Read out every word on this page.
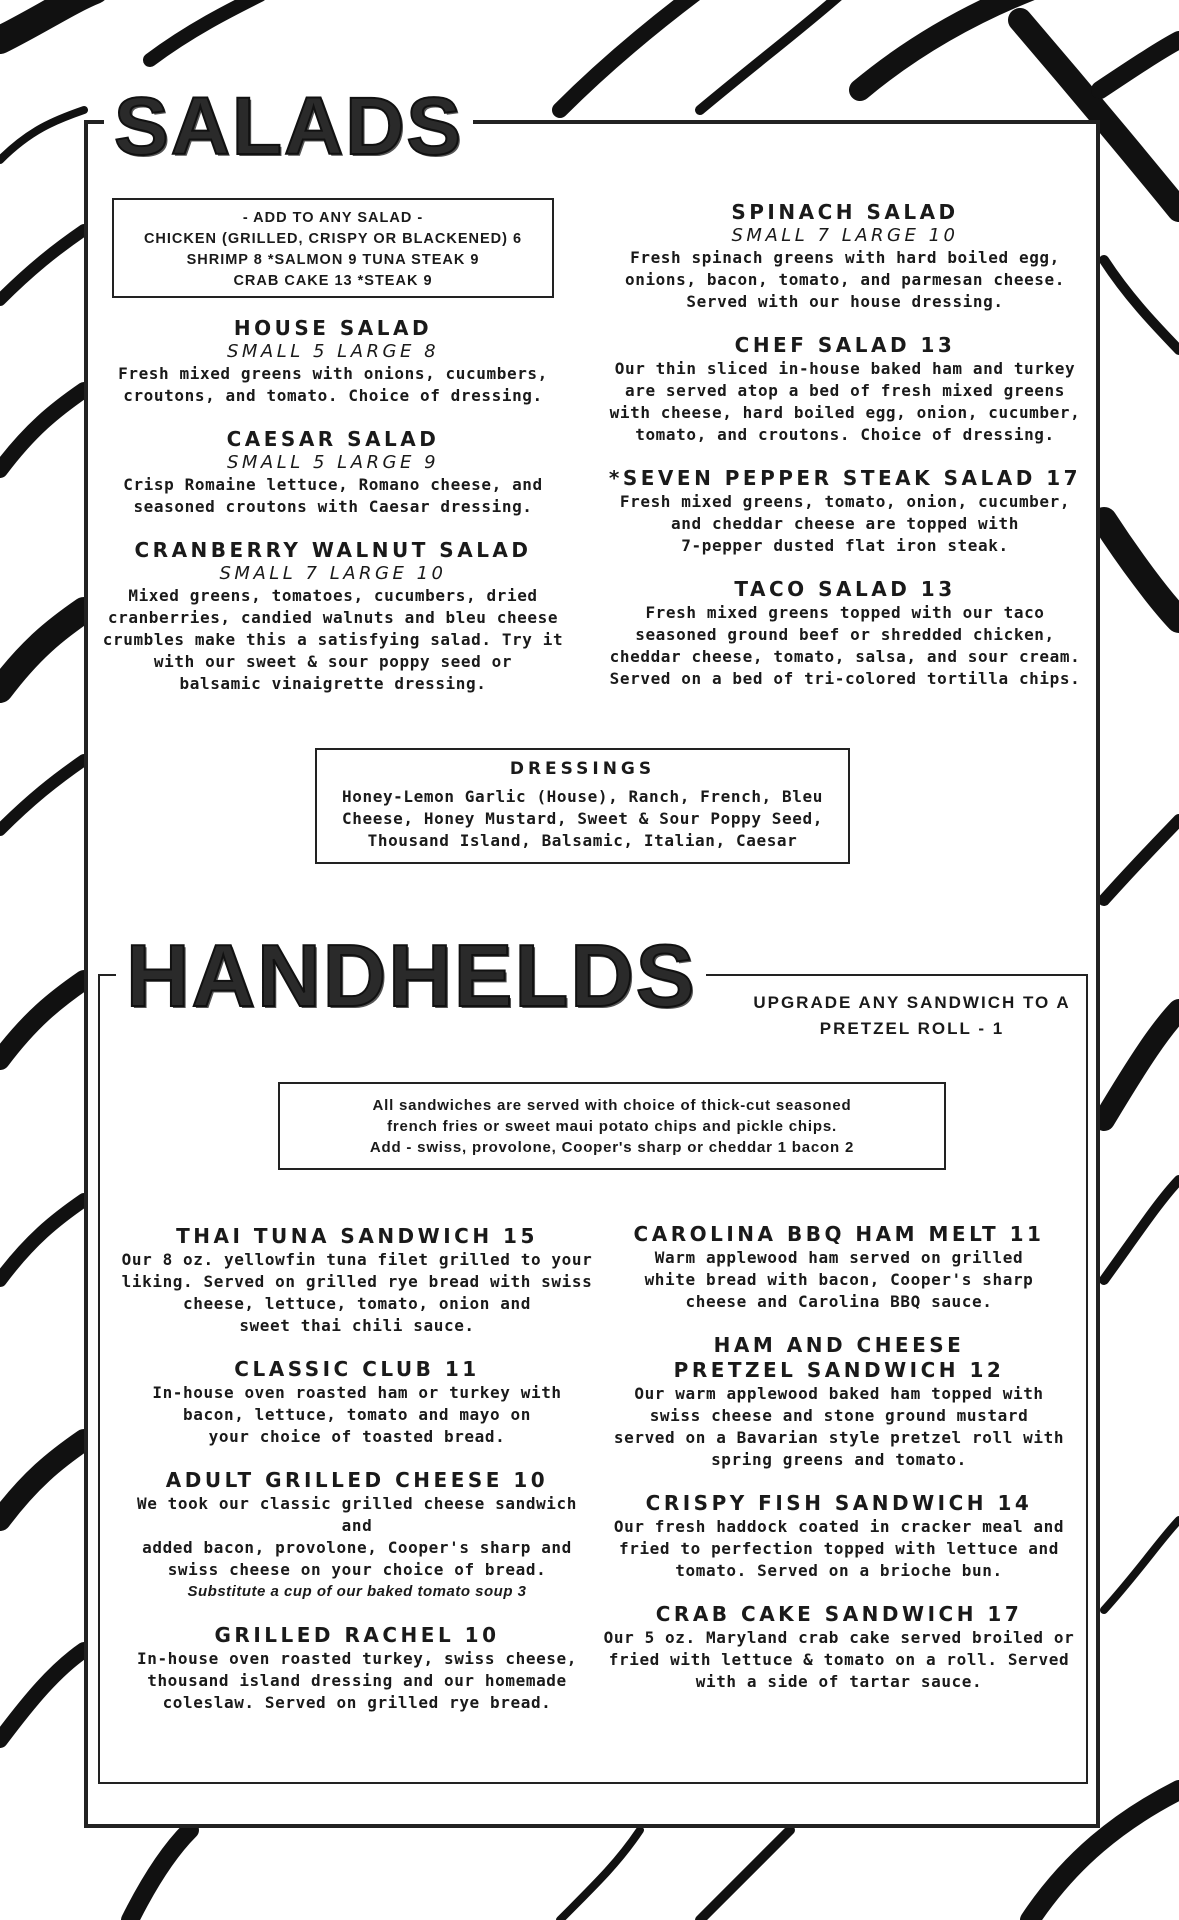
SALADS
- ADD TO ANY SALAD -
CHICKEN (GRILLED, CRISPY OR BLACKENED) 6
SHRIMP 8 *SALMON 9 TUNA STEAK 9
CRAB CAKE 13 *STEAK 9
HOUSE SALAD
SMALL 5 LARGE 8
Fresh mixed greens with onions, cucumbers,
croutons, and tomato. Choice of dressing.
CAESAR SALAD
SMALL 5 LARGE 9
Crisp Romaine lettuce, Romano cheese, and
seasoned croutons with Caesar dressing.
CRANBERRY WALNUT SALAD
SMALL 7 LARGE 10
Mixed greens, tomatoes, cucumbers, dried
cranberries, candied walnuts and bleu cheese
crumbles make this a satisfying salad. Try it
with our sweet & sour poppy seed or
balsamic vinaigrette dressing.
SPINACH SALAD
SMALL 7 LARGE 10
Fresh spinach greens with hard boiled egg,
onions, bacon, tomato, and parmesan cheese.
Served with our house dressing.
CHEF SALAD 13
Our thin sliced in-house baked ham and turkey
are served atop a bed of fresh mixed greens
with cheese, hard boiled egg, onion, cucumber,
tomato, and croutons. Choice of dressing.
*SEVEN PEPPER STEAK SALAD 17
Fresh mixed greens, tomato, onion, cucumber,
and cheddar cheese are topped with
7-pepper dusted flat iron steak.
TACO SALAD 13
Fresh mixed greens topped with our taco
seasoned ground beef or shredded chicken,
cheddar cheese, tomato, salsa, and sour cream.
Served on a bed of tri-colored tortilla chips.
DRESSINGS
Honey-Lemon Garlic (House), Ranch, French, Bleu
Cheese, Honey Mustard, Sweet & Sour Poppy Seed,
Thousand Island, Balsamic, Italian, Caesar
HANDHELDS	UPGRADE ANY SANDWICH TO A
PRETZEL ROLL - 1
All sandwiches are served with choice of thick-cut seasoned
french fries or sweet maui potato chips and pickle chips.
Add - swiss, provolone, Cooper's sharp or cheddar 1 bacon 2
THAI TUNA SANDWICH 15
Our 8 oz. yellowfin tuna filet grilled to your
liking. Served on grilled rye bread with swiss
cheese, lettuce, tomato, onion and
sweet thai chili sauce.
CLASSIC CLUB 11
In-house oven roasted ham or turkey with
bacon, lettuce, tomato and mayo on
your choice of toasted bread.
ADULT GRILLED CHEESE 10
We took our classic grilled cheese sandwich and
added bacon, provolone, Cooper's sharp and
swiss cheese on your choice of bread.
Substitute a cup of our baked tomato soup 3
GRILLED RACHEL 10
In-house oven roasted turkey, swiss cheese,
thousand island dressing and our homemade
coleslaw. Served on grilled rye bread.
CAROLINA BBQ HAM MELT 11
Warm applewood ham served on grilled
white bread with bacon, Cooper's sharp
cheese and Carolina BBQ sauce.
HAM AND CHEESE
PRETZEL SANDWICH 12
Our warm applewood baked ham topped with
swiss cheese and stone ground mustard
served on a Bavarian style pretzel roll with
spring greens and tomato.
CRISPY FISH SANDWICH 14
Our fresh haddock coated in cracker meal and
fried to perfection topped with lettuce and
tomato. Served on a brioche bun.
CRAB CAKE SANDWICH 17
Our 5 oz. Maryland crab cake served broiled or
fried with lettuce & tomato on a roll. Served
with a side of tartar sauce.
